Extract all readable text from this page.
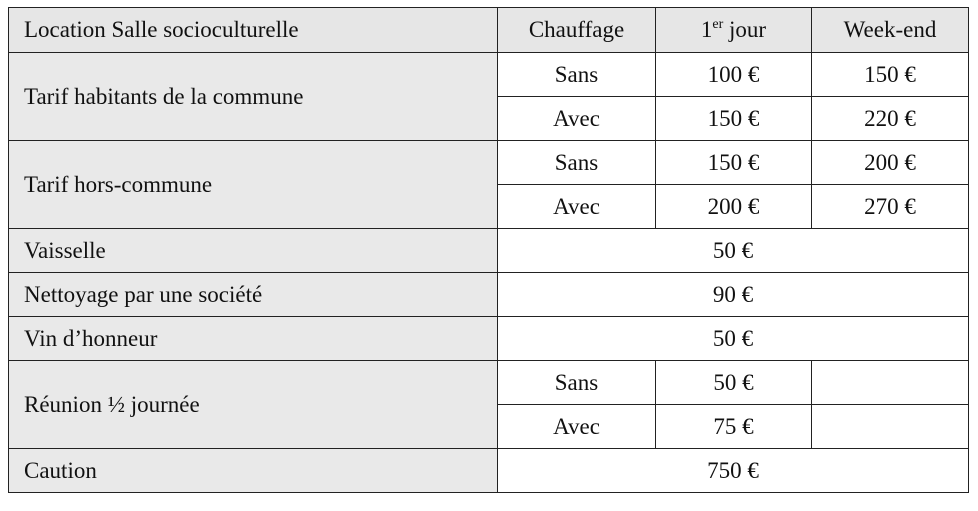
Location Salle socioculturelle	Chauffage	1er jour	Week-end
Tarif habitants de la commune	Sans	100 €	150 €
	Avec	150 €	220 €
Tarif hors-commune	Sans	150 €	200 €
	Avec	200 €	270 €
Vaisselle	50 €		
Nettoyage par une société	90 €		
Vin d’honneur	50 €		
Réunion ½ journée	Sans	50 €	
	Avec	75 €	
Caution	750 €		
